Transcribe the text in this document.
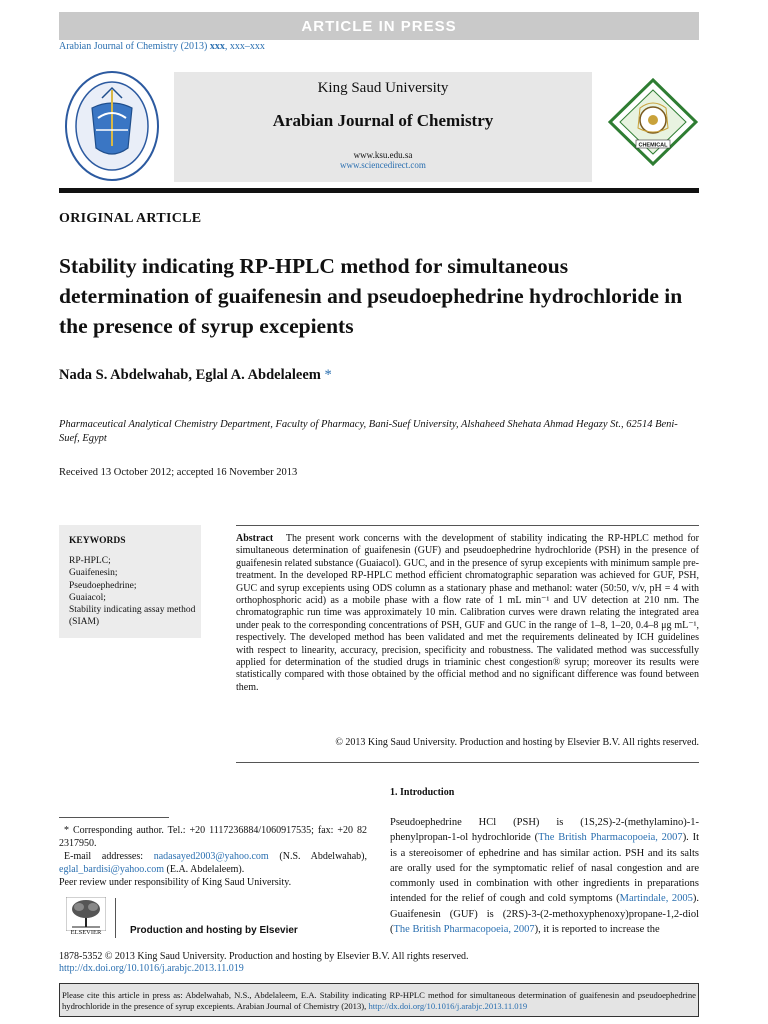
ARTICLE IN PRESS
Arabian Journal of Chemistry (2013) xxx, xxx–xxx
King Saud University
Arabian Journal of Chemistry
www.ksu.edu.sa
www.sciencedirect.com
CHEMICAL
ORIGINAL ARTICLE
Stability indicating RP-HPLC method for simultaneous determination of guaifenesin and pseudoephedrine hydrochloride in the presence of syrup excepients
Nada S. Abdelwahab, Eglal A. Abdelaleem *
Pharmaceutical Analytical Chemistry Department, Faculty of Pharmacy, Bani-Suef University, Alshaheed Shehata Ahmad Hegazy St., 62514 Beni-Suef, Egypt
Received 13 October 2012; accepted 16 November 2013
KEYWORDS
RP-HPLC;
Guaifenesin;
Pseudoephedrine;
Guaiacol;
Stability indicating assay method (SIAM)
Abstract The present work concerns with the development of stability indicating the RP-HPLC method for simultaneous determination of guaifenesin (GUF) and pseudoephedrine hydrochloride (PSH) in the presence of guaifenesin related substance (Guaiacol). GUC, and in the presence of syrup excepients with minimum sample pre-treatment. In the developed RP-HPLC method efficient chromatographic separation was achieved for GUF, PSH, GUC and syrup excepients using ODS column as a stationary phase and methanol: water (50:50, v/v, pH = 4 with orthophosphoric acid) as a mobile phase with a flow rate of 1 mL min⁻¹ and UV detection at 210 nm. The chromatographic run time was approximately 10 min. Calibration curves were drawn relating the integrated area under peak to the corresponding concentrations of PSH, GUF and GUC in the range of 1–8, 1–20, 0.4–8 μg mL⁻¹, respectively. The developed method has been validated and met the requirements delineated by ICH guidelines with respect to linearity, accuracy, precision, specificity and robustness. The validated method was successfully applied for determination of the studied drugs in triaminic chest congestion® syrup; moreover its results were statistically compared with those obtained by the official method and no significant difference was found between them.
© 2013 King Saud University. Production and hosting by Elsevier B.V. All rights reserved.
1. Introduction
Pseudoephedrine HCl (PSH) is (1S,2S)-2-(methylamino)-1-phenylpropan-1-ol hydrochloride (The British Pharmacopoeia, 2007). It is a stereoisomer of ephedrine and has similar action. PSH and its salts are orally used for the symptomatic relief of nasal congestion and are commonly used in combination with other ingredients in preparations intended for the relief of cough and cold symptoms (Martindale, 2005). Guaifenesin (GUF) is (2RS)-3-(2-methoxyphenoxy)propane-1,2-diol (The British Pharmacopoeia, 2007), it is reported to increase the
* Corresponding author. Tel.: +20 1117236884/1060917535; fax: +20 82 2317950.
E-mail addresses: nadasayed2003@yahoo.com (N.S. Abdelwahab), eglal_bardisi@yahoo.com (E.A. Abdelaleem).
Peer review under responsibility of King Saud University.
ELSEVIER	Production and hosting by Elsevier
1878-5352 © 2013 King Saud University. Production and hosting by Elsevier B.V. All rights reserved.
http://dx.doi.org/10.1016/j.arabjc.2013.11.019
Please cite this article in press as: Abdelwahab, N.S., Abdelaleem, E.A. Stability indicating RP-HPLC method for simultaneous determination of guaifenesin and pseudoephedrine hydrochloride in the presence of syrup excepients. Arabian Journal of Chemistry (2013), http://dx.doi.org/10.1016/j.arabjc.2013.11.019
